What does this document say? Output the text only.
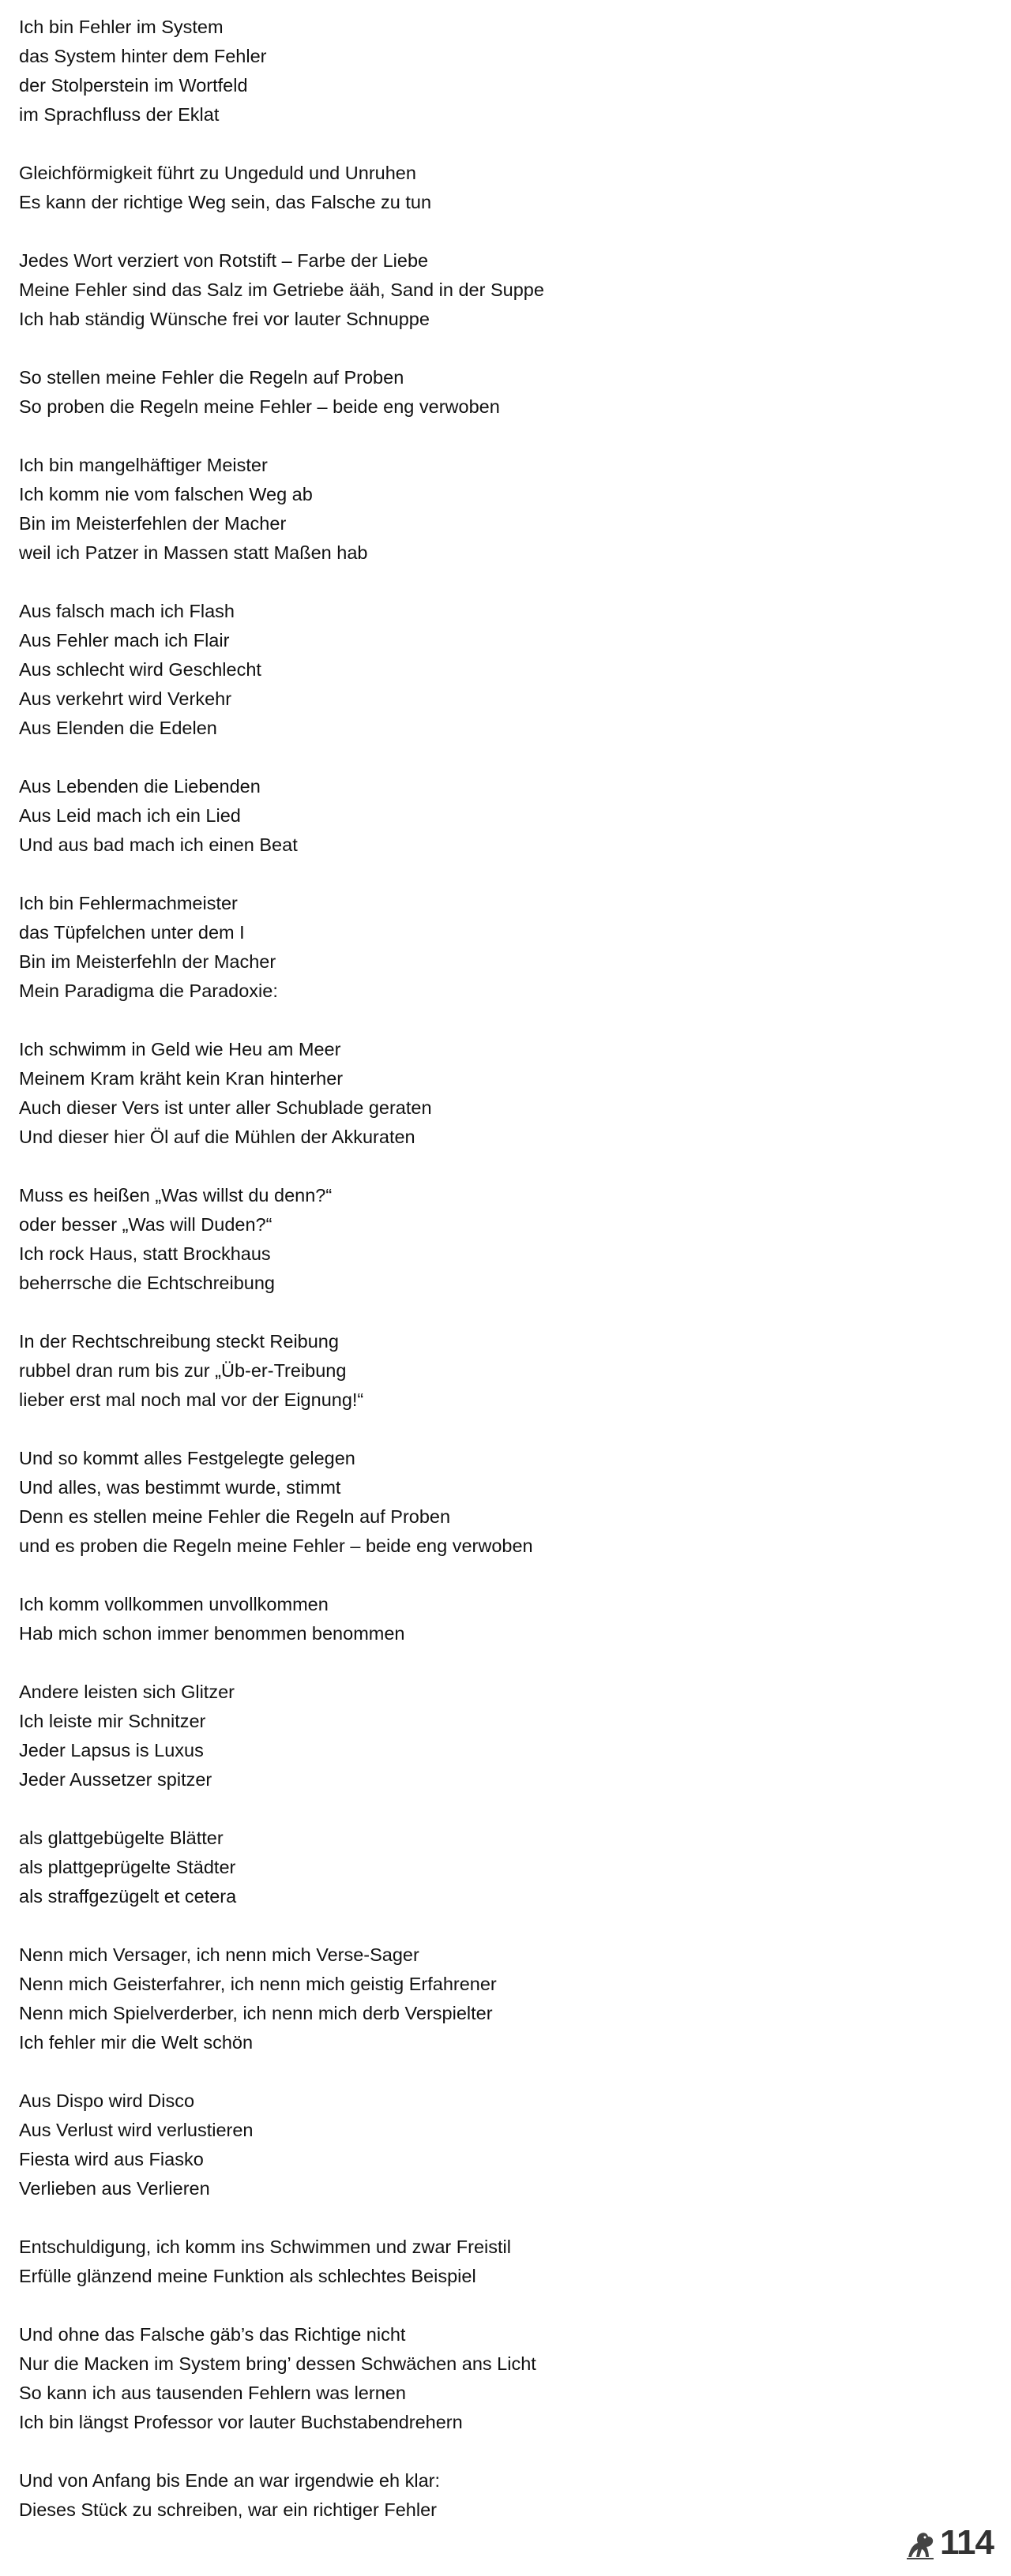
Ich bin Fehler im System
das System hinter dem Fehler
der Stolperstein im Wortfeld
im Sprachfluss der Eklat
Gleichförmigkeit führt zu Ungeduld und Unruhen
Es kann der richtige Weg sein, das Falsche zu tun
Jedes Wort verziert von Rotstift – Farbe der Liebe
Meine Fehler sind das Salz im Getriebe ääh, Sand in der Suppe
Ich hab ständig Wünsche frei vor lauter Schnuppe
So stellen meine Fehler die Regeln auf Proben
So proben die Regeln meine Fehler – beide eng verwoben
Ich bin mangelhäftiger Meister
Ich komm nie vom falschen Weg ab
Bin im Meisterfehlen der Macher
weil ich Patzer in Massen statt Maßen hab
Aus falsch mach ich Flash
Aus Fehler mach ich Flair
Aus schlecht wird Geschlecht
Aus verkehrt wird Verkehr
Aus Elenden die Edelen
Aus Lebenden die Liebenden
Aus Leid mach ich ein Lied
Und aus bad mach ich einen Beat
Ich bin Fehlermachmeister
das Tüpfelchen unter dem I
Bin im Meisterfehln der Macher
Mein Paradigma die Paradoxie:
Ich schwimm in Geld wie Heu am Meer
Meinem Kram kräht kein Kran hinterher
Auch dieser Vers ist unter aller Schublade geraten
Und dieser hier Öl auf die Mühlen der Akkuraten
Muss es heißen „Was willst du denn?“
oder besser „Was will Duden?“
Ich rock Haus, statt Brockhaus
beherrsche die Echtschreibung
In der Rechtschreibung steckt Reibung
rubbel dran rum bis zur „Üb-er-Treibung
lieber erst mal noch mal vor der Eignung!“
Und so kommt alles Festgelegte gelegen
Und alles, was bestimmt wurde, stimmt
Denn es stellen meine Fehler die Regeln auf Proben
und es proben die Regeln meine Fehler – beide eng verwoben
Ich komm vollkommen unvollkommen
Hab mich schon immer benommen benommen
Andere leisten sich Glitzer
Ich leiste mir Schnitzer
Jeder Lapsus is Luxus
Jeder Aussetzer spitzer
als glattgebügelte Blätter
als plattgeprügelte Städter
als straffgezügelt et cetera
Nenn mich Versager, ich nenn mich Verse-Sager
Nenn mich Geisterfahrer, ich nenn mich geistig Erfahrener
Nenn mich Spielverderber, ich nenn mich derb Verspielter
Ich fehler mir die Welt schön
Aus Dispo wird Disco
Aus Verlust wird verlustieren
Fiesta wird aus Fiasko
Verlieben aus Verlieren
Entschuldigung, ich komm ins Schwimmen und zwar Freistil
Erfülle glänzend meine Funktion als schlechtes Beispiel
Und ohne das Falsche gäb’s das Richtige nicht
Nur die Macken im System bring’ dessen Schwächen ans Licht
So kann ich aus tausenden Fehlern was lernen
Ich bin längst Professor vor lauter Buchstabendrehern
Und von Anfang bis Ende an war irgendwie eh klar:
Dieses Stück zu schreiben, war ein richtiger Fehler
114
